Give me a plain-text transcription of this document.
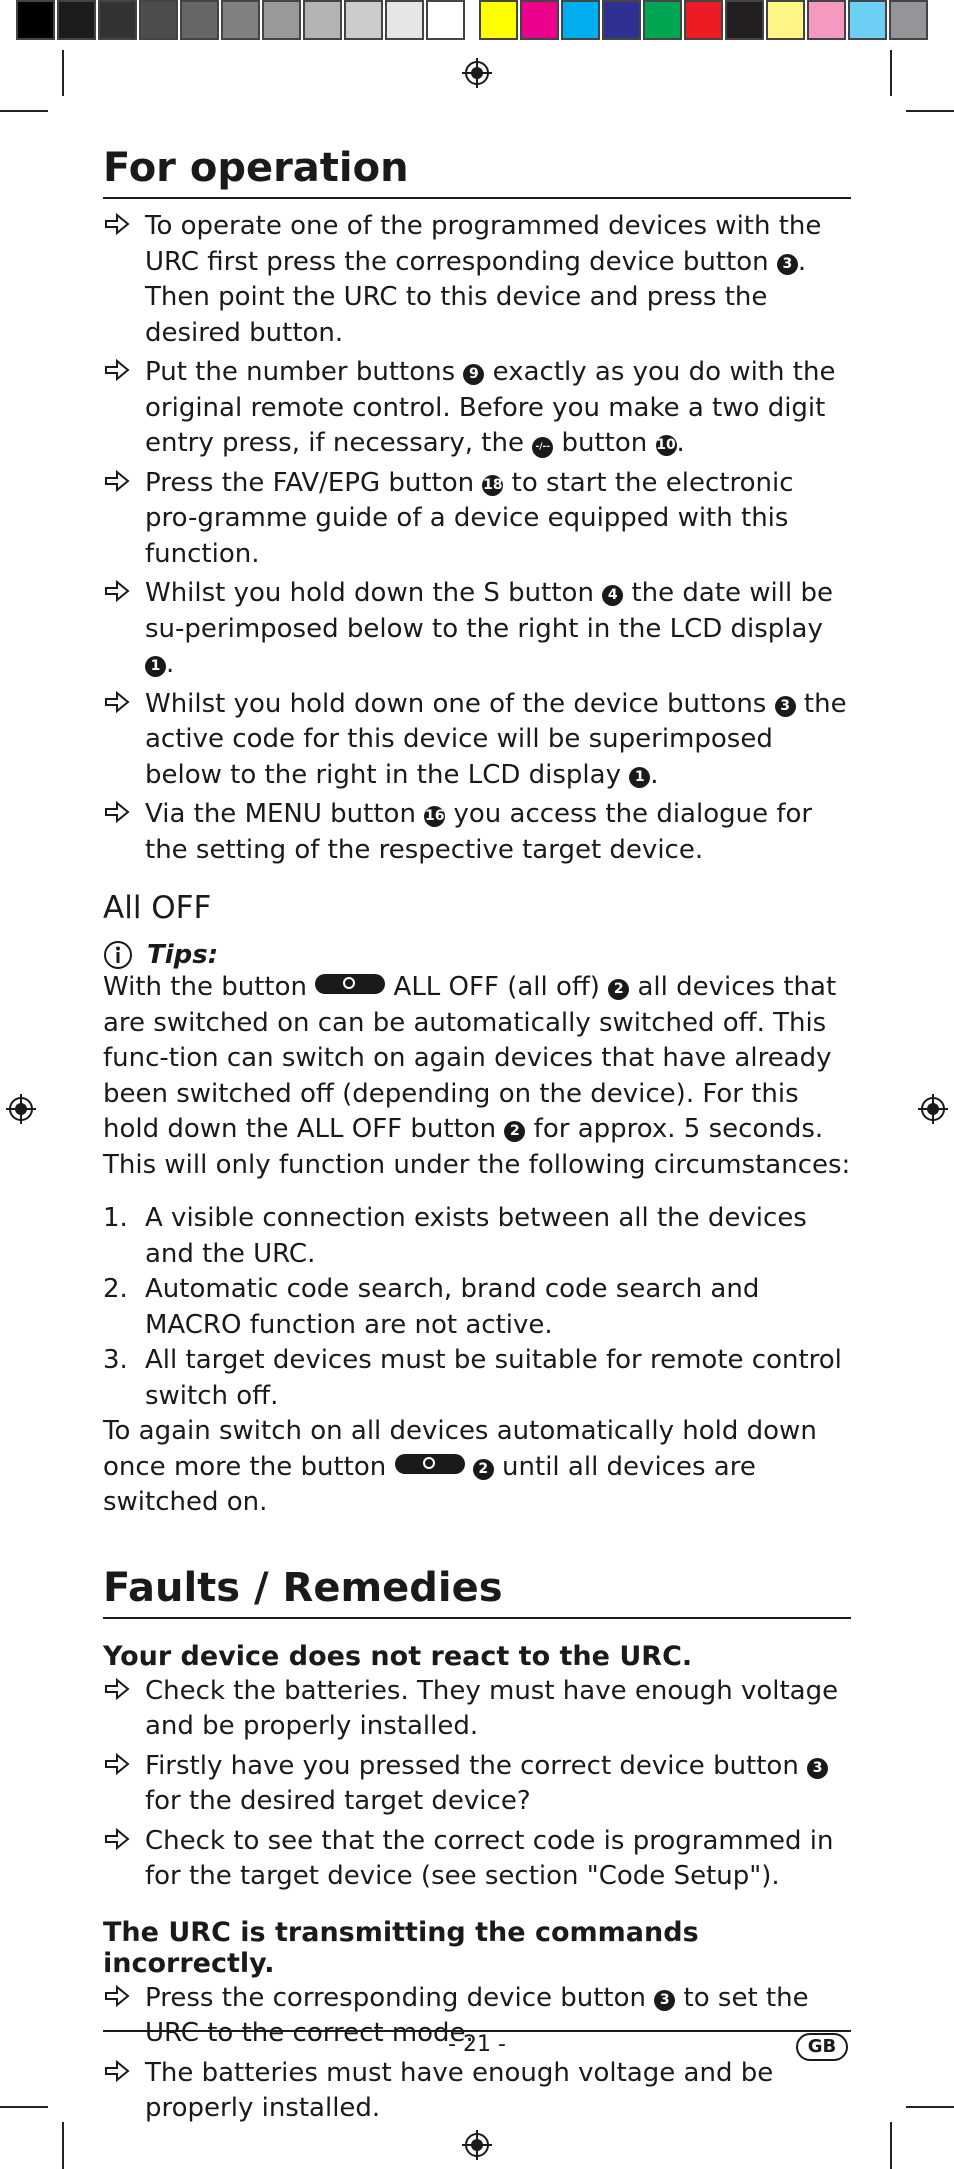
For operation
To operate one of the programmed devices with the URC first press the corresponding device button 3 . Then point the URC to this device and press the desired button.
Put the number buttons 9 exactly as you do with the original remote control. Before you make a two digit entry press, if necessary, the -/-- button 10.
Press the FAV/EPG button 18 to start the electronic pro-gramme guide of a device equipped with this function.
Whilst you hold down the S button 4 the date will be su-perimposed below to the right in the LCD display 1 .
Whilst you hold down one of the device buttons 3 the active code for this device will be superimposed below to the right in the LCD display 1 .
Via the MENU button 16 you access the dialogue for the setting of the respective target device.
All OFF
Tips:

With the button	ALL OFF (all off) 2 all devices that are switched on can be automatically switched off. This func-tion can switch on again devices that have already been switched off (depending on the device). For this hold down the ALL OFF button 2 for approx. 5 seconds. This will only function under the following circumstances:

1. A visible connection exists between all the devices and the URC.
2. Automatic code search, brand code search and MACRO function are not active.
3. All target devices must be suitable for remote control switch off.

To again switch on all devices automatically hold down once more the button	2 until all devices are switched on.

Faults / Remedies
Your device does not react to the URC.
Check the batteries. They must have enough voltage and be properly installed.
Firstly have you pressed the correct device button 3 for the desired target device?
Check to see that the correct code is programmed in for the target device (see section "Code Setup").
The URC is transmitting the commands incorrectly.
Press the corresponding device button 3 to set the URC to the correct mode.
The batteries must have enough voltage and be properly installed.
- 21 -	GB
